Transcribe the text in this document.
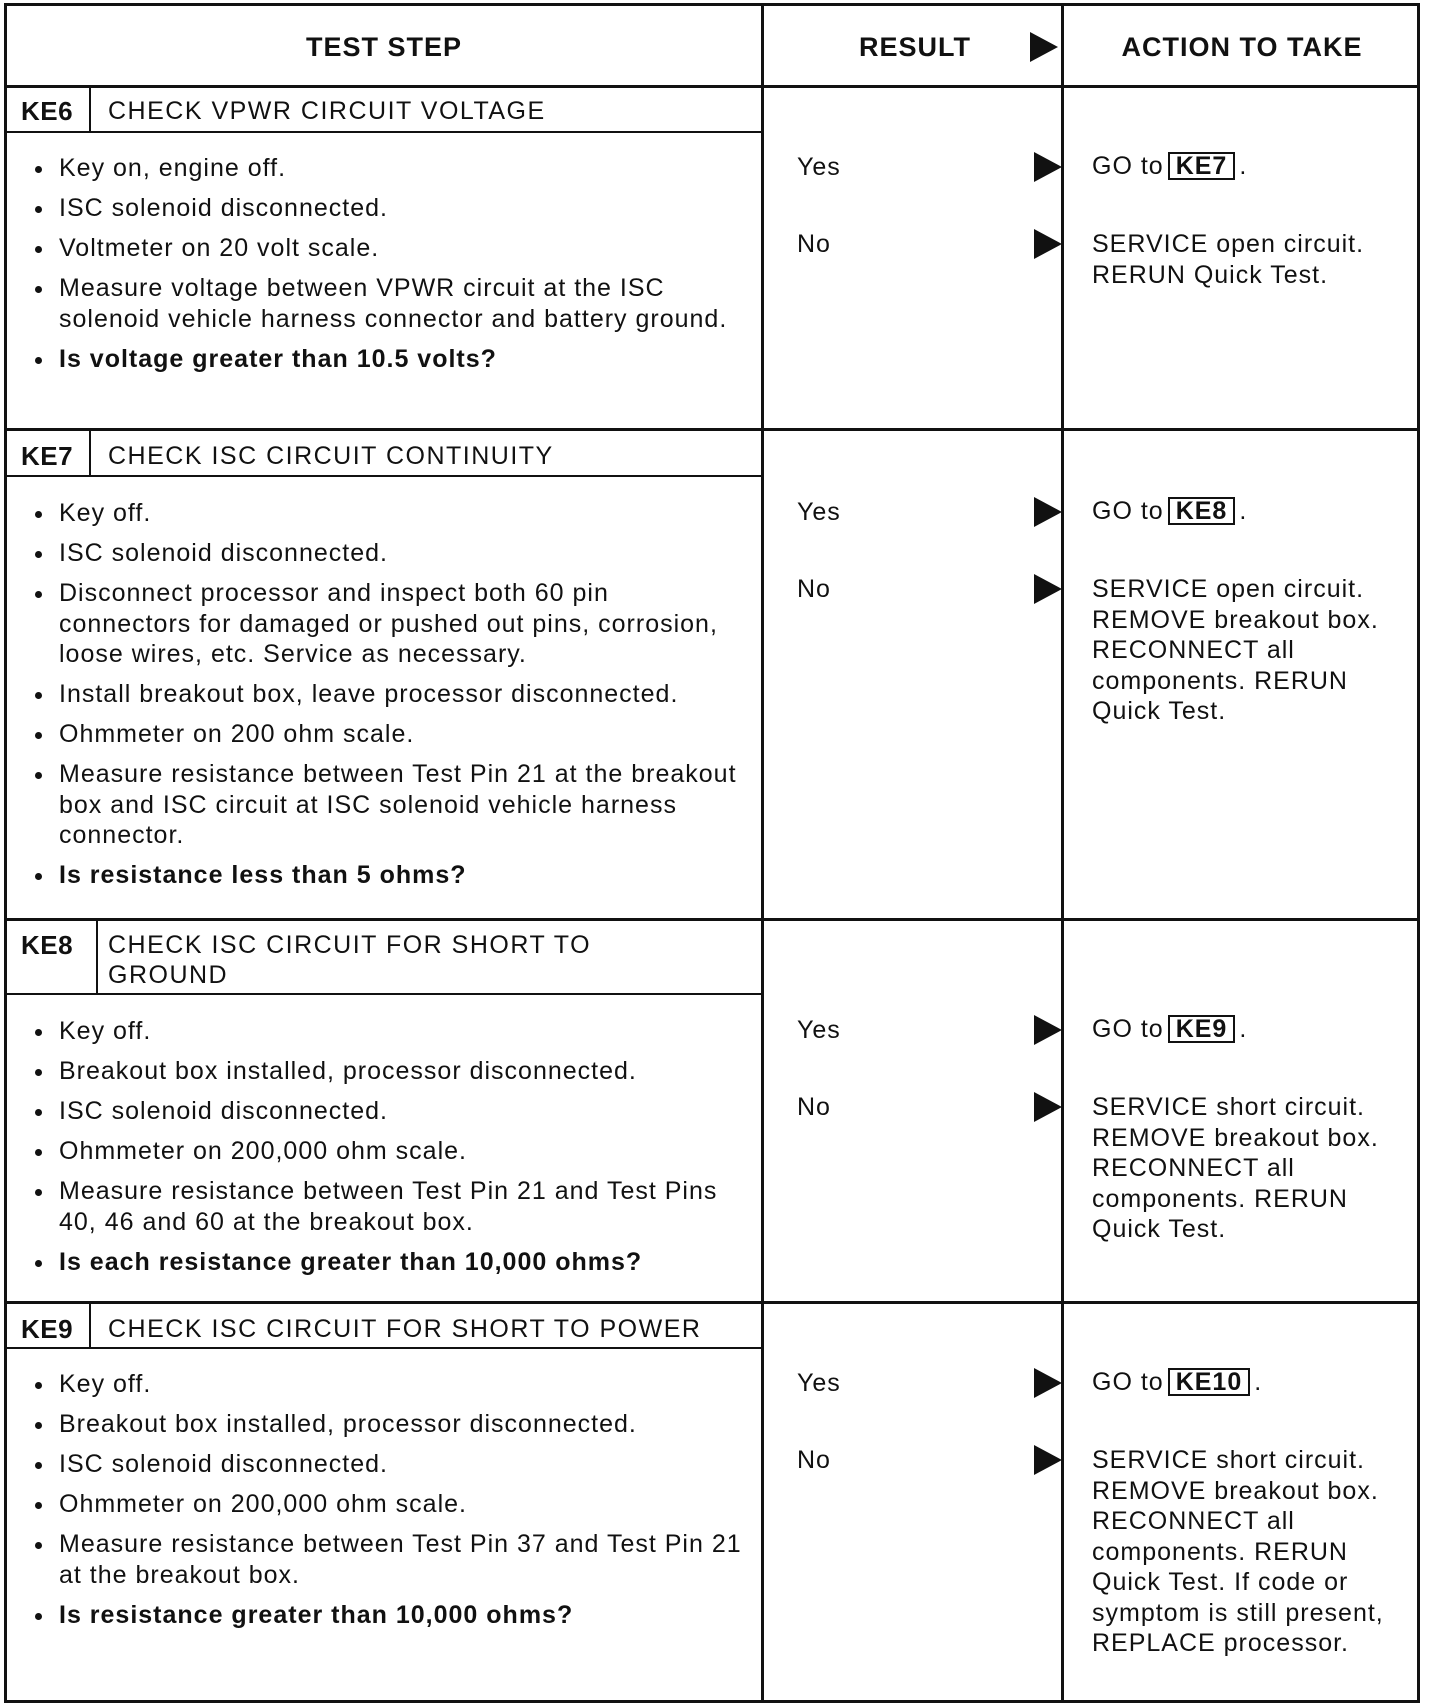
TEST STEP	RESULT	ACTION TO TAKE
KE6 CHECK VPWR CIRCUIT VOLTAGE
Key on, engine off.
ISC solenoid disconnected.
Voltmeter on 20 volt scale.
Measure voltage between VPWR circuit at the ISC solenoid vehicle harness connector and battery ground.
Is voltage greater than 10.5 volts?
Yes	GO to KE7 .
No	SERVICE open circuit. RERUN Quick Test.
KE7 CHECK ISC CIRCUIT CONTINUITY
Key off.
ISC solenoid disconnected.
Disconnect processor and inspect both 60 pin connectors for damaged or pushed out pins, corrosion, loose wires, etc. Service as necessary.
Install breakout box, leave processor disconnected.
Ohmmeter on 200 ohm scale.
Measure resistance between Test Pin 21 at the breakout box and ISC circuit at ISC solenoid vehicle harness connector.
Is resistance less than 5 ohms?
Yes	GO to KE8 .
No	SERVICE open circuit. REMOVE breakout box. RECONNECT all components. RERUN Quick Test.
KE8 CHECK ISC CIRCUIT FOR SHORT TO GROUND
Key off.
Breakout box installed, processor disconnected.
ISC solenoid disconnected.
Ohmmeter on 200,000 ohm scale.
Measure resistance between Test Pin 21 and Test Pins 40, 46 and 60 at the breakout box.
Is each resistance greater than 10,000 ohms?
Yes	GO to KE9 .
No	SERVICE short circuit. REMOVE breakout box. RECONNECT all components. RERUN Quick Test.
KE9 CHECK ISC CIRCUIT FOR SHORT TO POWER
Key off.
Breakout box installed, processor disconnected.
ISC solenoid disconnected.
Ohmmeter on 200,000 ohm scale.
Measure resistance between Test Pin 37 and Test Pin 21 at the breakout box.
Is resistance greater than 10,000 ohms?
Yes	GO to KE10 .
No	SERVICE short circuit. REMOVE breakout box. RECONNECT all components. RERUN Quick Test. If code or symptom is still present, REPLACE processor.
